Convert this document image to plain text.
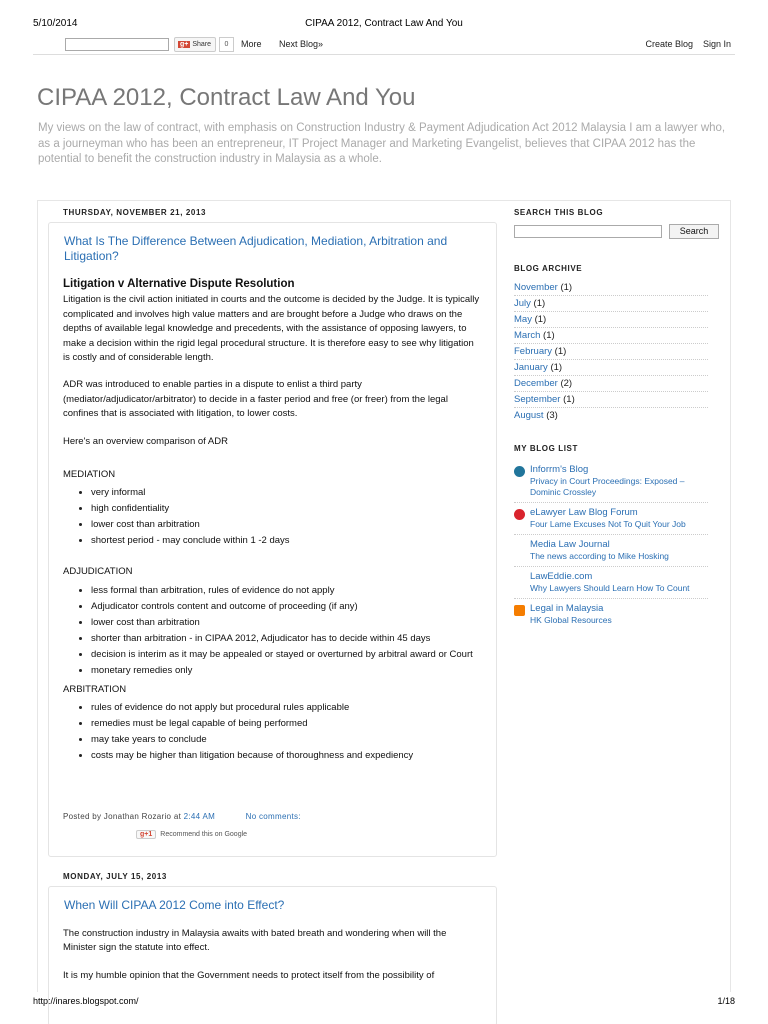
5/10/2014	CIPAA 2012, Contract Law And You
g+ Share	0	More Next Blog»	Create Blog Sign In
CIPAA 2012, Contract Law And You
My views on the law of contract, with emphasis on Construction Industry & Payment Adjudication Act 2012 Malaysia I am a lawyer who, as a journeyman who has been an entrepreneur, IT Project Manager and Marketing Evangelist, believes that CIPAA 2012 has the potential to benefit the construction industry in Malaysia as a whole.
THURSDAY, NOVEMBER 21, 2013
What Is The Difference Between Adjudication, Mediation, Arbitration and Litigation?
Litigation v Alternative Dispute Resolution

Litigation is the civil action initiated in courts and the outcome is decided by the Judge. It is typically complicated and involves high value matters and are brought before a Judge who draws on the depths of available legal knowledge and precedents, with the assistance of opposing lawyers, to make a decision within the rigid legal procedural structure. It is therefore easy to see why litigation is costly and of considerable length.

ADR was introduced to enable parties in a dispute to enlist a third party (mediator/adjudicator/arbitrator) to decide in a faster period and free (or freer) from the legal confines that is associated with litigation, to lower costs.

Here's an overview comparison of ADR

MEDIATION

very informal
high confidentiality
lower cost than arbitration
shortest period - may conclude within 1 -2 days

ADJUDICATION

less formal than arbitration, rules of evidence do not apply
Adjudicator controls content and outcome of proceeding (if any)
lower cost than arbitration
shorter than arbitration - in CIPAA 2012, Adjudicator has to decide within 45 days
decision is interim as it may be appealed or stayed or overturned by arbitral award or Court
monetary remedies only

ARBITRATION

rules of evidence do not apply but procedural rules applicable
remedies must be legal capable of being performed
may take years to conclude
costs may be higher than litigation because of thoroughness and expediency
Posted by Jonathan Rozario at 2:44 AM	No comments:
g+1 Recommend this on Google
MONDAY, JULY 15, 2013
When Will CIPAA 2012 Come into Effect?

The construction industry in Malaysia awaits with bated breath and wondering when will the Minister sign the statute into effect.

It is my humble opinion that the Government needs to protect itself from the possibility of

SEARCH THIS BLOG
Search
BLOG ARCHIVE
November (1)
July (1)
May (1)
March (1)
February (1)
January (1)
December (2)
September (1)
August (3)
MY BLOG LIST
Inforrm's Blog
Privacy in Court Proceedings: Exposed – Dominic Crossley
eLawyer Law Blog Forum
Four Lame Excuses Not To Quit Your Job
Media Law Journal
The news according to Mike Hosking
LawEddie.com
Why Lawyers Should Learn How To Count
Legal in Malaysia
HK Global Resources
http://inares.blogspot.com/	1/18
